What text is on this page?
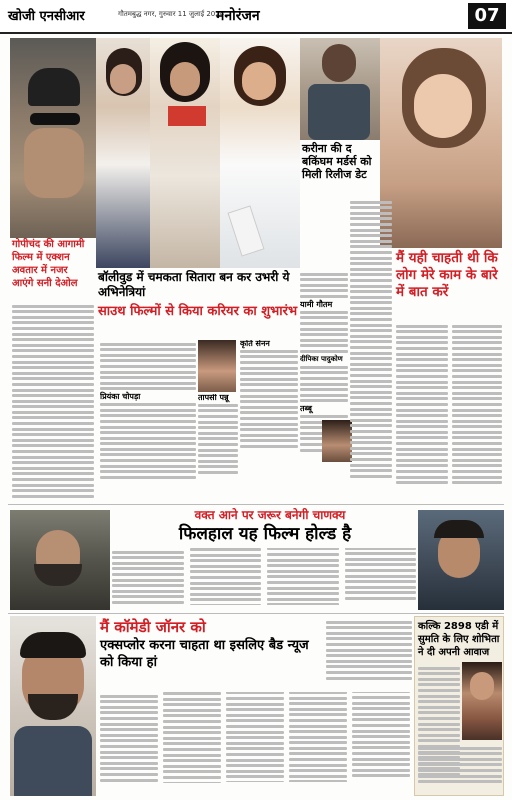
खोजी एनसीआर	गौतमबुद्ध नगर, गुरुवार 11 जुलाई 2024
मनोरंजन	07
गोपीचंद की आगामी फिल्म में एक्शन अवतार में नजर आएंगे सनी देओल	बॉलीवुड में चमकता सितारा बन कर उभरी ये अभिनेत्रियां
साउथ फिल्मों से किया करियर का शुभारंभ
प्रियंका चोपड़ा	तापसी पन्नू
कृति सेनन
यामी गौतम
दीपिका पादुकोण
तब्बू
करीना की द बकिंघम मर्डर्स को मिली रिलीज डेट
मैं यही चाहती थी कि लोग मेरे काम के बारे में बात करें
वक्त आने पर जरूर बनेगी चाणक्य
फिलहाल यह फिल्म होल्ड है
मैं कॉमेडी जॉनर को
एक्सप्लोर करना चाहता था इसलिए बैड न्यूज को किया हां
कल्कि 2898 एडी में सुमति के लिए शोभिता ने दी अपनी आवाज
